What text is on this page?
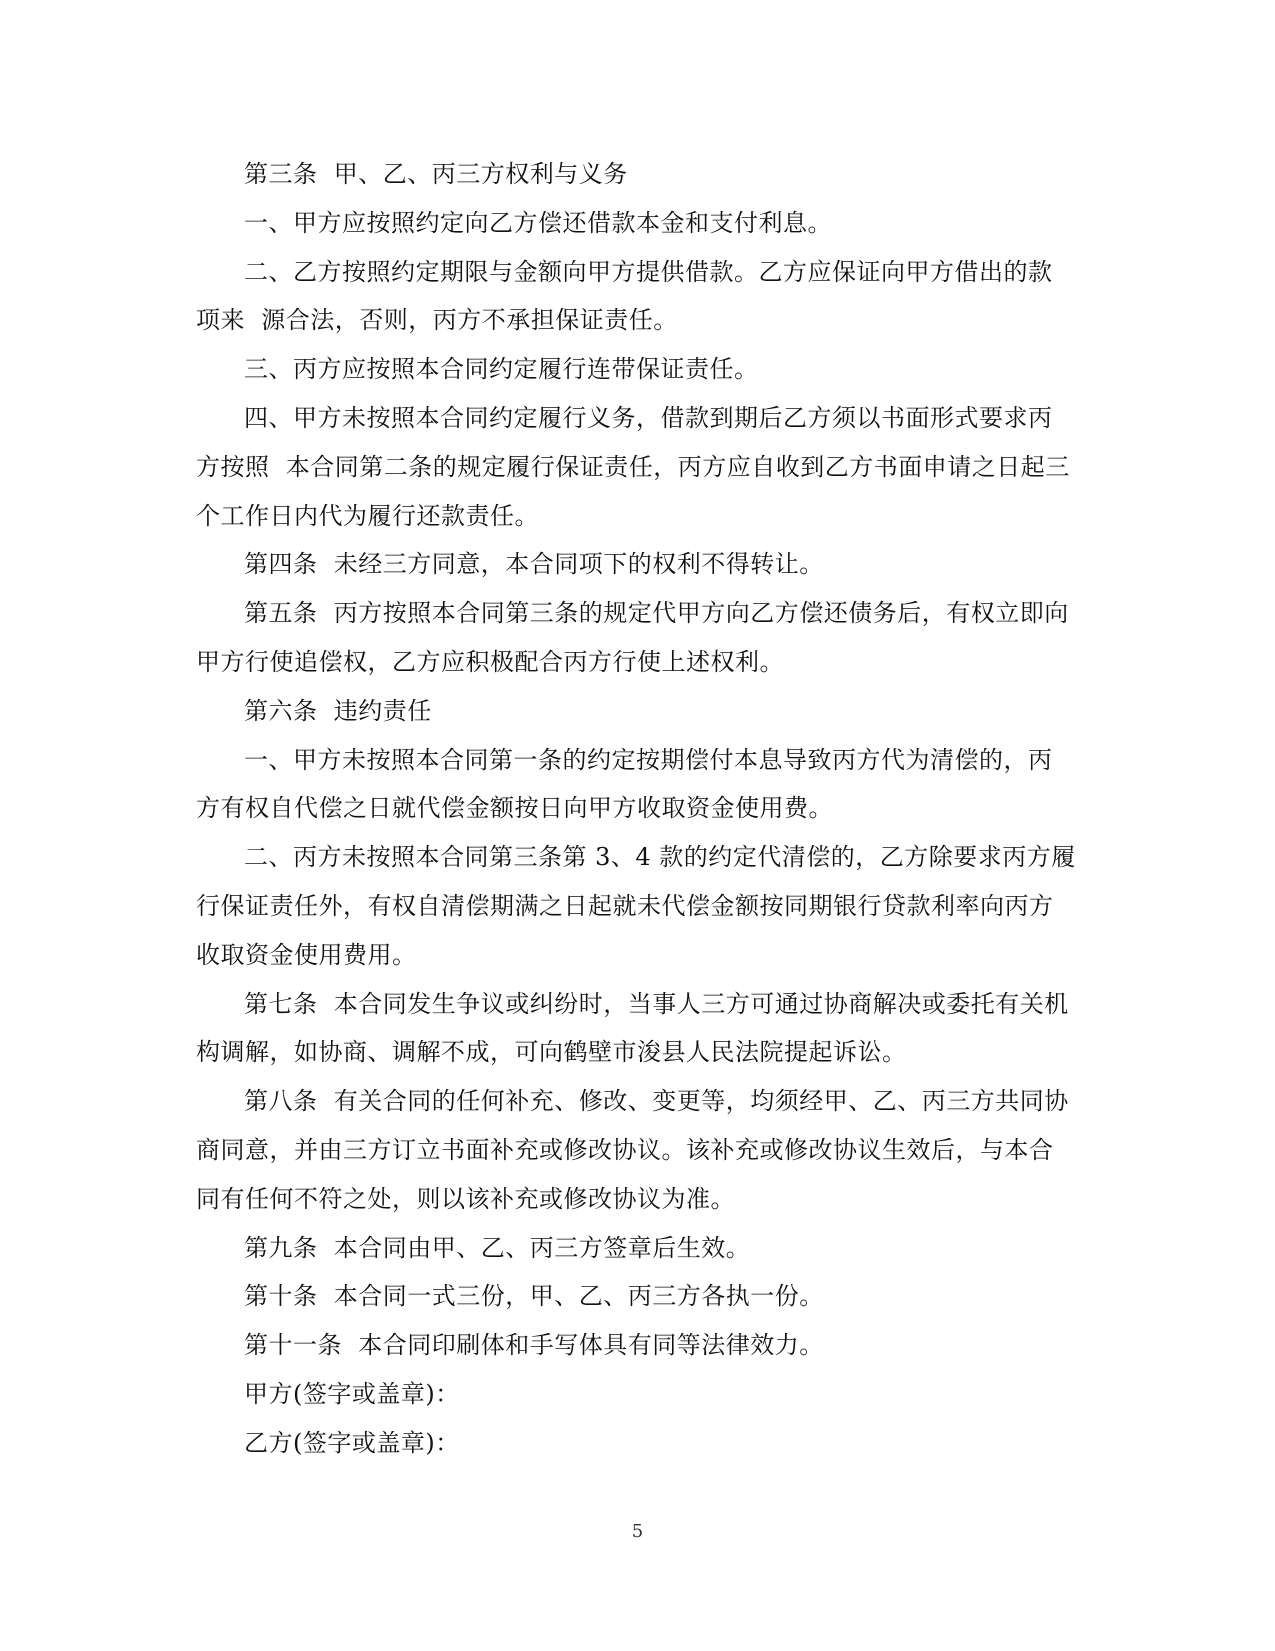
第三条  甲、乙、丙三方权利与义务

一、甲方应按照约定向乙方偿还借款本金和支付利息。

二、乙方按照约定期限与金额向甲方提供借款。乙方应保证向甲方借出的款项来  源合法，否则，丙方不承担保证责任。

三、丙方应按照本合同约定履行连带保证责任。

四、甲方未按照本合同约定履行义务，借款到期后乙方须以书面形式要求丙方按照  本合同第二条的规定履行保证责任，丙方应自收到乙方书面申请之日起三个工作日内代为履行还款责任。

第四条  未经三方同意，本合同项下的权利不得转让。

第五条  丙方按照本合同第三条的规定代甲方向乙方偿还债务后，有权立即向甲方行使追偿权，乙方应积极配合丙方行使上述权利。

第六条  违约责任

一、甲方未按照本合同第一条的约定按期偿付本息导致丙方代为清偿的，丙方有权自代偿之日就代偿金额按日向甲方收取资金使用费。

二、丙方未按照本合同第三条第 3、4 款的约定代清偿的，乙方除要求丙方履行保证责任外，有权自清偿期满之日起就未代偿金额按同期银行贷款利率向丙方收取资金使用费用。

第七条  本合同发生争议或纠纷时，当事人三方可通过协商解决或委托有关机构调解，如协商、调解不成，可向鹤壁市浚县人民法院提起诉讼。

第八条  有关合同的任何补充、修改、变更等，均须经甲、乙、丙三方共同协商同意，并由三方订立书面补充或修改协议。该补充或修改协议生效后，与本合  同有任何不符之处，则以该补充或修改协议为准。

第九条  本合同由甲、乙、丙三方签章后生效。

第十条  本合同一式三份，甲、乙、丙三方各执一份。

第十一条  本合同印刷体和手写体具有同等法律效力。

甲方(签字或盖章)：

乙方(签字或盖章)：

5
